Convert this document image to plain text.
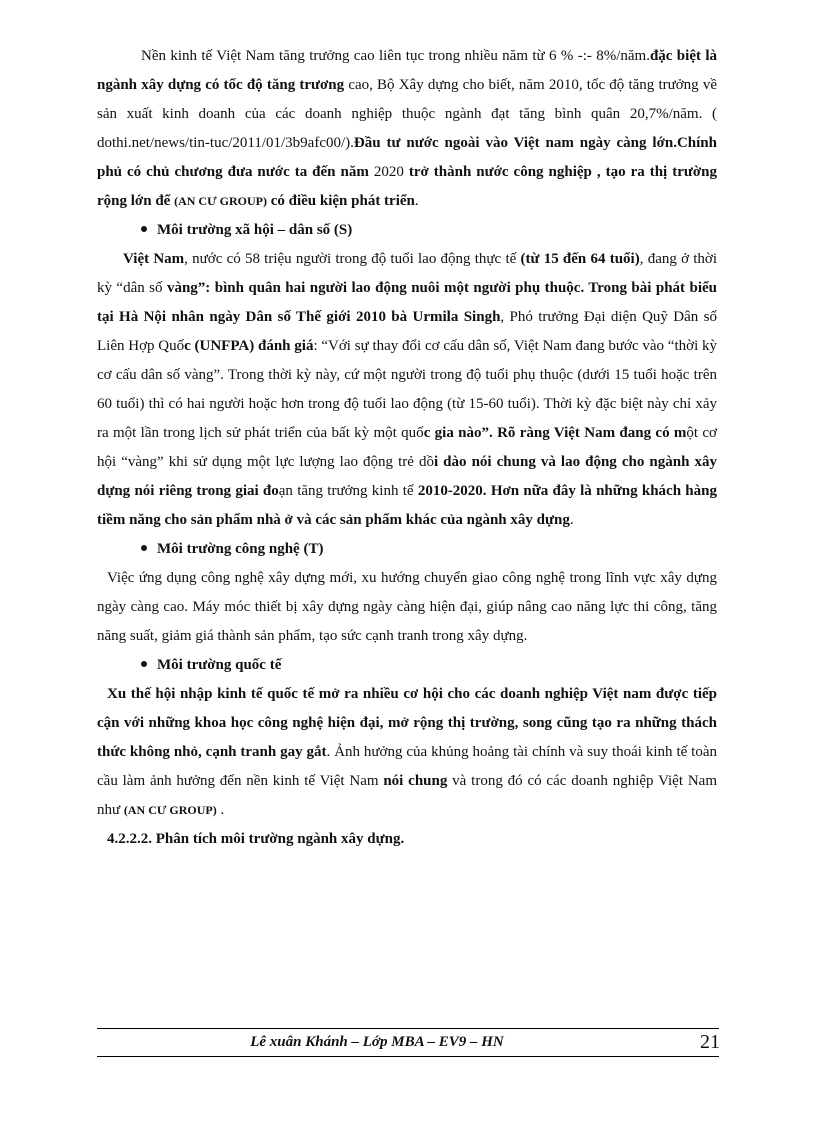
Nền kinh tế Việt Nam tăng trưởng cao liên tục trong nhiều năm từ 6 % -:- 8%/năm.đặc biệt là ngành xây dựng có tốc độ tăng trương cao, Bộ Xây dựng cho biết, năm 2010, tốc độ tăng trưởng về sản xuất kinh doanh của các doanh nghiệp thuộc ngành đạt tăng bình quân 20,7%/năm. ( dothi.net/news/tin-tuc/2011/01/3b9afc00/).Đầu tư nước ngoài vào Việt nam ngày càng lớn.Chính phủ có chủ chương đưa nước ta đến năm 2020 trở thành nước công nghiệp , tạo ra thị trường rộng lớn để (AN CƯ GROUP) có điều kiện phát triển.

Môi trường xã hội – dân số (S)

Việt Nam, nước có 58 triệu người trong độ tuổi lao động thực tế (từ 15 đến 64 tuổi), đang ở thời kỳ “dân số vàng”: bình quân hai người lao động nuôi một người phụ thuộc. Trong bài phát biểu tại Hà Nội nhân ngày Dân số Thế giới 2010 bà Urmila Singh, Phó trưởng Đại diện Quỹ Dân số Liên Hợp Quốc (UNFPA) đánh giá: “Với sự thay đổi cơ cấu dân số, Việt Nam đang bước vào “thời kỳ cơ cấu dân số vàng”. Trong thời kỳ này, cứ một người trong độ tuổi phụ thuộc (dưới 15 tuổi hoặc trên 60 tuổi) thì có hai người hoặc hơn trong độ tuổi lao động (từ 15-60 tuổi). Thời kỳ đặc biệt này chỉ xảy ra một lần trong lịch sử phát triển của bất kỳ một quốc gia nào”. Rõ ràng Việt Nam đang có một cơ hội “vàng” khi sử dụng một lực lượng lao động trẻ dồi dào nói chung và lao động cho ngành xây dựng nói riêng trong giai đoạn tăng trưởng kinh tế 2010-2020. Hơn nữa đây là những khách hàng tiềm năng cho sản phẩm nhà ở và các sản phẩm khác của ngành xây dựng.

Môi trường công nghệ (T)

Việc ứng dụng công nghệ xây dựng mới, xu hướng chuyển giao công nghệ trong lĩnh vực xây dựng ngày càng cao. Máy móc thiết bị xây dựng ngày càng hiện đại, giúp nâng cao năng lực thi công, tăng năng suất, giảm giá thành sản phẩm, tạo sức cạnh tranh trong xây dựng.

Môi trường quốc tế

Xu thế hội nhập kinh tế quốc tế mở ra nhiều cơ hội cho các doanh nghiệp Việt nam được tiếp cận với những khoa học công nghệ hiện đại, mở rộng thị trường, song cũng tạo ra những thách thức không nhỏ, cạnh tranh gay gắt. Ảnh hưởng của khủng hoảng tài chính và suy thoái kinh tế toàn cầu làm ảnh hưởng đến nền kinh tế Việt Nam nói chung và trong đó có các doanh nghiệp Việt Nam như (AN CƯ GROUP) .

4.2.2.2. Phân tích môi trường ngành xây dựng.
Lê xuân Khánh – Lớp MBA – EV9 – HN	21
